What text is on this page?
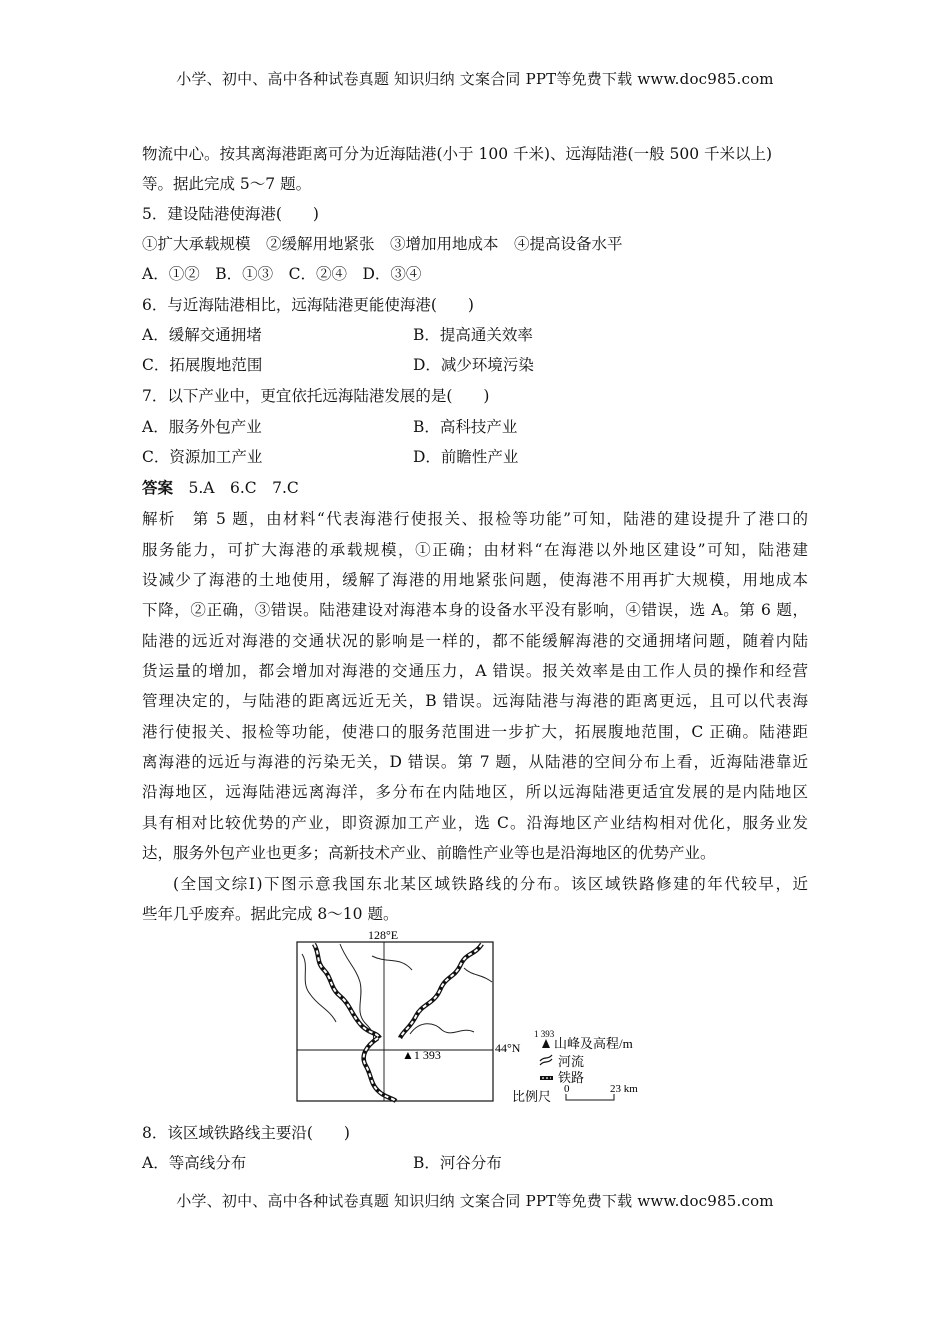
小学、初中、高中各种试卷真题 知识归纳 文案合同 PPT等免费下载 www.doc985.com
物流中心。按其离海港距离可分为近海陆港(小于 100 千米)、远海陆港(一般 500 千米以上)
等。据此完成 5～7 题。
5．建设陆港使海港(　　)
①扩大承载规模　②缓解用地紧张　③增加用地成本　④提高设备水平
A．①②　B．①③　C．②④　D．③④
6．与近海陆港相比，远海陆港更能使海港(　　)
A．缓解交通拥堵	B．提高通关效率
C．拓展腹地范围	D．减少环境污染
7．以下产业中，更宜依托远海陆港发展的是(　　)
A．服务外包产业	B．高科技产业
C．资源加工产业	D．前瞻性产业
答案　5.A　6.C　7.C
解析　第 5 题，由材料“代表海港行使报关、报检等功能”可知，陆港的建设提升了港口的
服务能力，可扩大海港的承载规模，①正确；由材料“在海港以外地区建设”可知，陆港建
设减少了海港的土地使用，缓解了海港的用地紧张问题，使海港不用再扩大规模，用地成本
下降，②正确，③错误。陆港建设对海港本身的设备水平没有影响，④错误，选 A。第 6 题，
陆港的远近对海港的交通状况的影响是一样的，都不能缓解海港的交通拥堵问题，随着内陆
货运量的增加，都会增加对海港的交通压力，A 错误。报关效率是由工作人员的操作和经营
管理决定的，与陆港的距离远近无关，B 错误。远海陆港与海港的距离更远，且可以代表海
港行使报关、报检等功能，使港口的服务范围进一步扩大，拓展腹地范围，C 正确。陆港距
离海港的远近与海港的污染无关，D 错误。第 7 题，从陆港的空间分布上看，近海陆港靠近
沿海地区，远海陆港远离海洋，多分布在内陆地区，所以远海陆港更适宜发展的是内陆地区
具有相对比较优势的产业，即资源加工产业，选 C。沿海地区产业结构相对优化，服务业发
达，服务外包产业也更多；高新技术产业、前瞻性产业等也是沿海地区的优势产业。
(全国文综Ⅰ)下图示意我国东北某区域铁路线的分布。该区域铁路修建的年代较早，近
些年几乎废弃。据此完成 8～10 题。
128°E
44°N
▲1 393
1 393
山峰及高程/m
河流
铁路
比例尺 0	23 km
8．该区域铁路线主要沿(　　)
A．等高线分布	B．河谷分布
小学、初中、高中各种试卷真题 知识归纳 文案合同 PPT等免费下载 www.doc985.com
